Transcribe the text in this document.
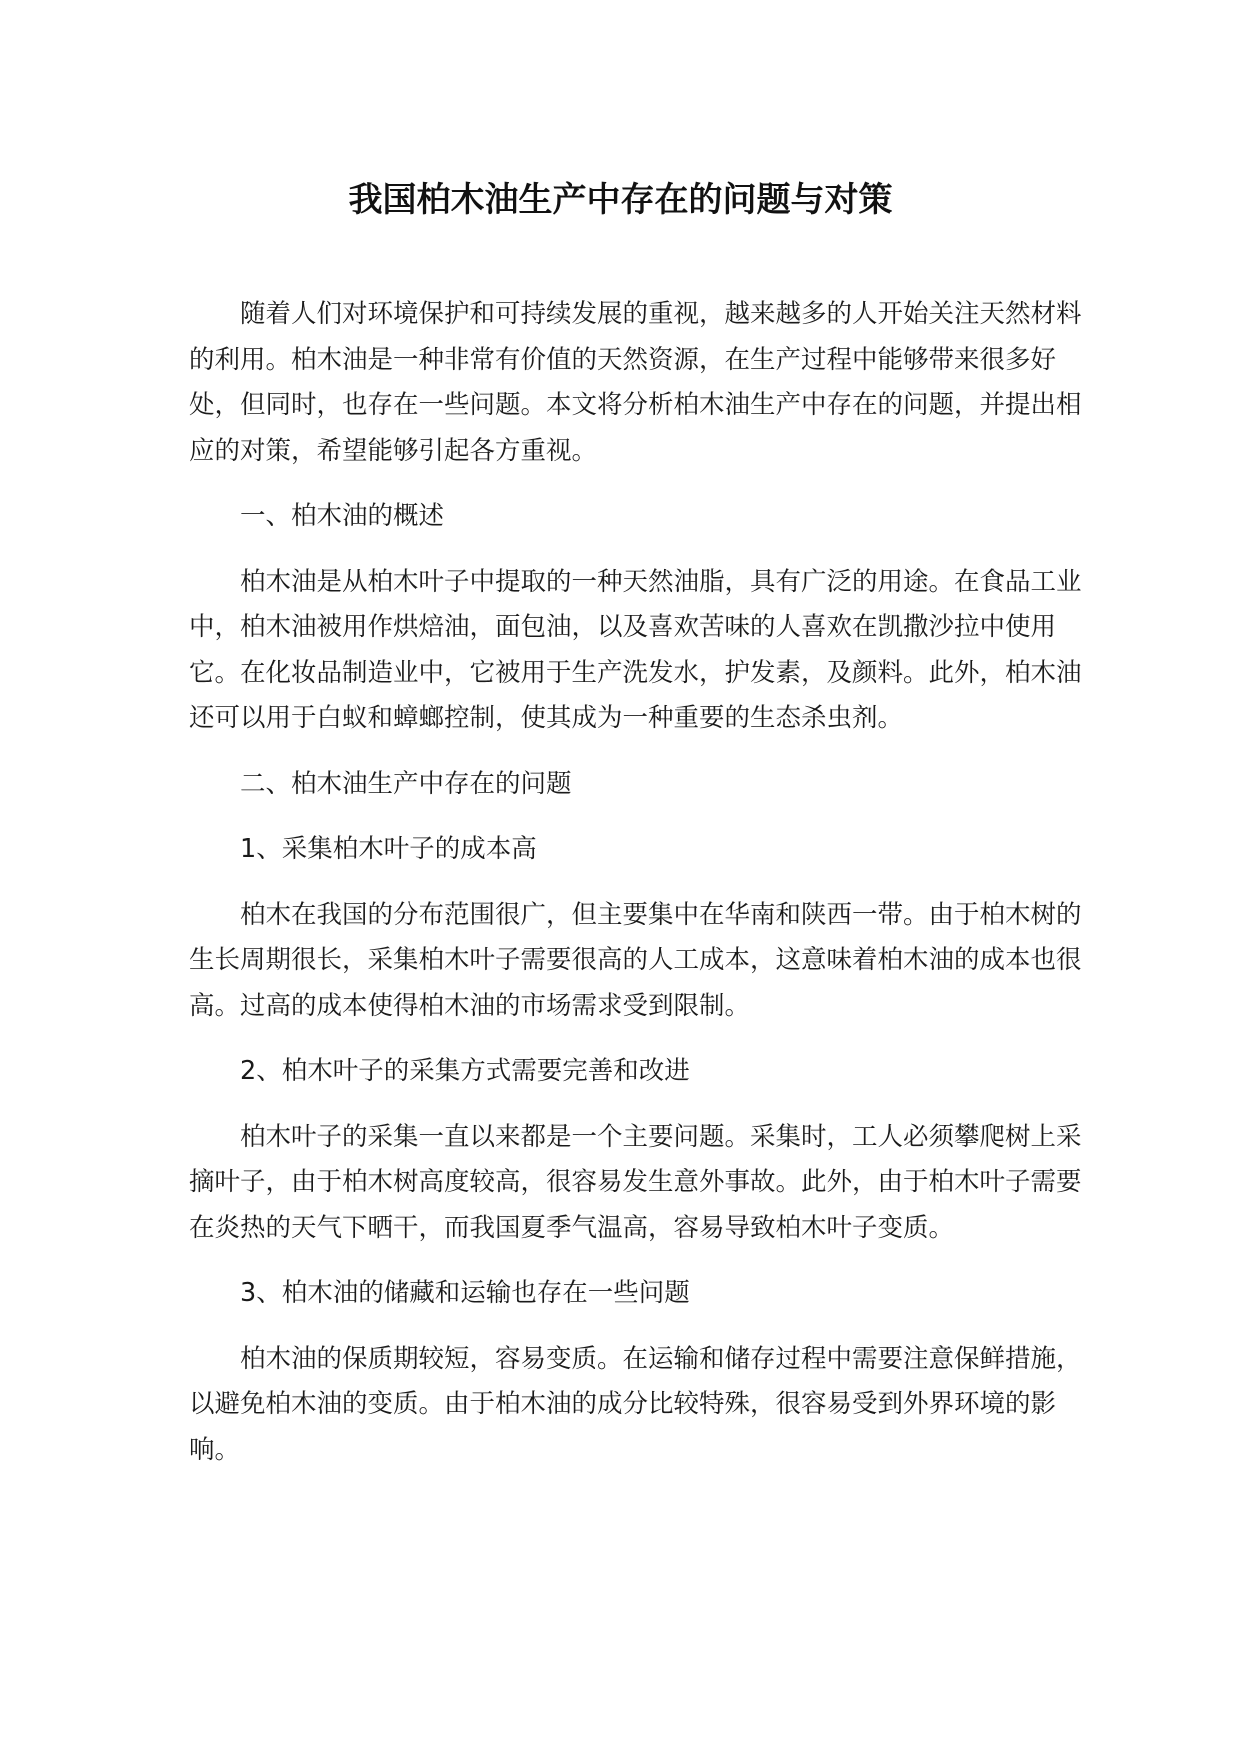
我国柏木油生产中存在的问题与对策

随着人们对环境保护和可持续发展的重视，越来越多的人开始关注天然材料的利用。柏木油是一种非常有价值的天然资源，在生产过程中能够带来很多好处，但同时，也存在一些问题。本文将分析柏木油生产中存在的问题，并提出相应的对策，希望能够引起各方重视。

一、柏木油的概述

柏木油是从柏木叶子中提取的一种天然油脂，具有广泛的用途。在食品工业中，柏木油被用作烘焙油，面包油，以及喜欢苦味的人喜欢在凯撒沙拉中使用它。在化妆品制造业中，它被用于生产洗发水，护发素，及颜料。此外，柏木油还可以用于白蚁和蟑螂控制，使其成为一种重要的生态杀虫剂。

二、柏木油生产中存在的问题

1、采集柏木叶子的成本高

柏木在我国的分布范围很广，但主要集中在华南和陕西一带。由于柏木树的生长周期很长，采集柏木叶子需要很高的人工成本，这意味着柏木油的成本也很高。过高的成本使得柏木油的市场需求受到限制。

2、柏木叶子的采集方式需要完善和改进

柏木叶子的采集一直以来都是一个主要问题。采集时，工人必须攀爬树上采摘叶子，由于柏木树高度较高，很容易发生意外事故。此外，由于柏木叶子需要在炎热的天气下晒干，而我国夏季气温高，容易导致柏木叶子变质。

3、柏木油的储藏和运输也存在一些问题

柏木油的保质期较短，容易变质。在运输和储存过程中需要注意保鲜措施，以避免柏木油的变质。由于柏木油的成分比较特殊，很容易受到外界环境的影响。
